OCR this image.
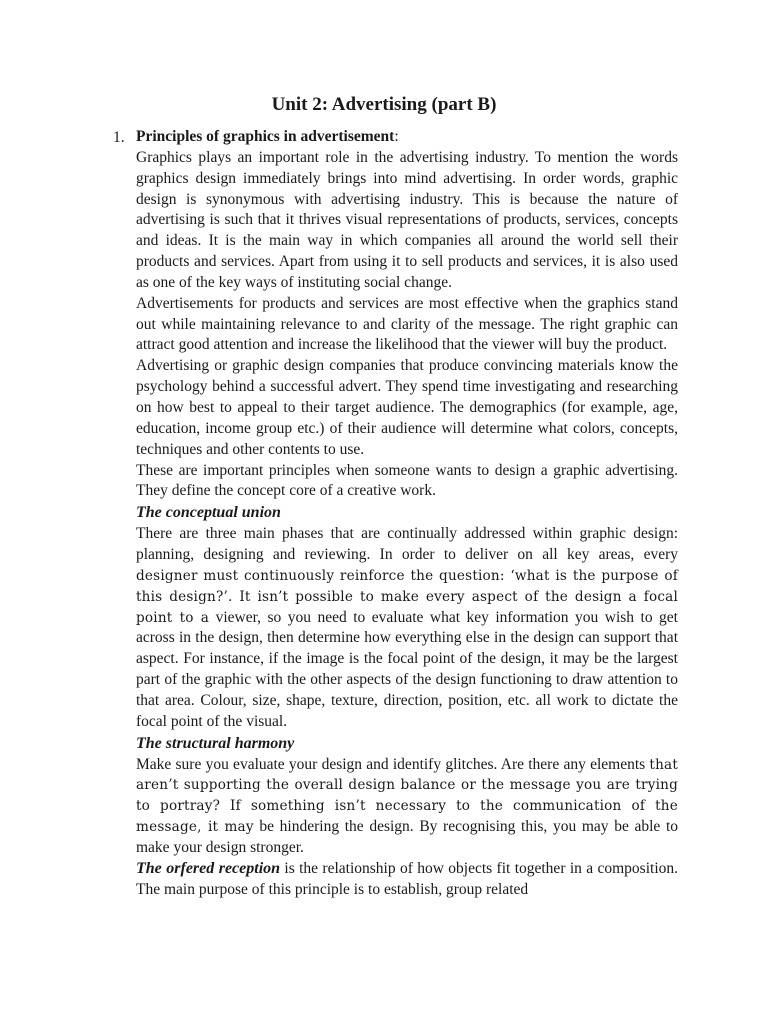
Unit 2: Advertising (part B)
1. Principles of graphics in advertisement:

Graphics plays an important role in the advertising industry. To mention the words graphics design immediately brings into mind advertising. In order words, graphic design is synonymous with advertising industry. This is because the nature of advertising is such that it thrives visual representations of products, services, concepts and ideas. It is the main way in which companies all around the world sell their products and services. Apart from using it to sell products and services, it is also used as one of the key ways of instituting social change.

Advertisements for products and services are most effective when the graphics stand out while maintaining relevance to and clarity of the message. The right graphic can attract good attention and increase the likelihood that the viewer will buy the product.

Advertising or graphic design companies that produce convincing materials know the psychology behind a successful advert. They spend time investigating and researching on how best to appeal to their target audience. The demographics (for example, age, education, income group etc.) of their audience will determine what colors, concepts, techniques and other contents to use.

These are important principles when someone wants to design a graphic advertising. They define the concept core of a creative work.

The conceptual union

There are three main phases that are continually addressed within graphic design: planning, designing and reviewing. In order to deliver on all key areas, every designer must continuously reinforce the question: ‘what is the purpose of this design?’. It isn’t possible to make every aspect of the design a focal point to a viewer, so you need to evaluate what key information you wish to get across in the design, then determine how everything else in the design can support that aspect. For instance, if the image is the focal point of the design, it may be the largest part of the graphic with the other aspects of the design functioning to draw attention to that area. Colour, size, shape, texture, direction, position, etc. all work to dictate the focal point of the visual.

The structural harmony

Make sure you evaluate your design and identify glitches. Are there any elements that aren’t supporting the overall design balance or the message you are trying to portray? If something isn’t necessary to the communication of the message, it may be hindering the design. By recognising this, you may be able to make your design stronger.

The orfered reception is the relationship of how objects fit together in a composition. The main purpose of this principle is to establish, group related
